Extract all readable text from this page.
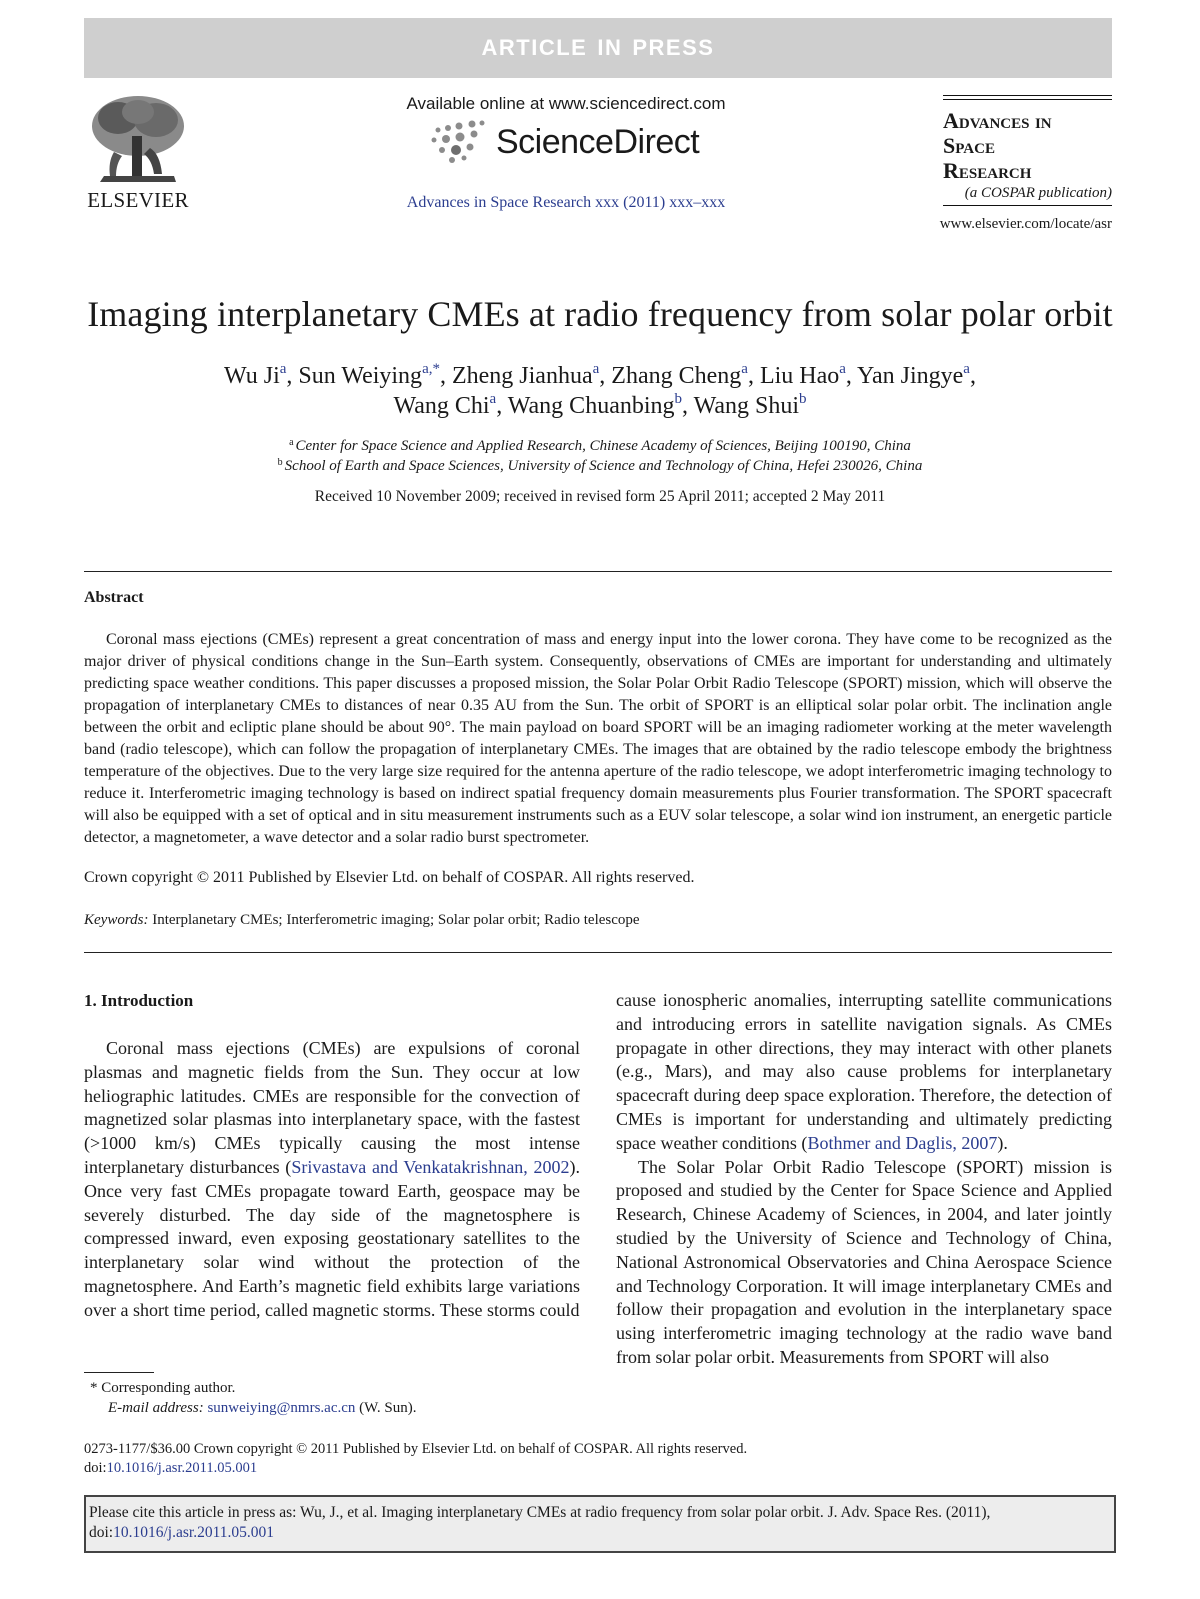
ARTICLE IN PRESS
ELSEVIER
Available online at www.sciencedirect.com
ScienceDirect
Advances in Space Research xxx (2011) xxx–xxx
Advances in
Space
Research
(a COSPAR publication)
www.elsevier.com/locate/asr
Imaging interplanetary CMEs at radio frequency from solar polar orbit
Wu Ji$^a$, Sun Weiying$^{a,*}$, Zheng Jianhua$^a$, Zhang Cheng$^a$, Liu Hao$^a$, Yan Jingye$^a$,
Wang Chi$^a$, Wang Chuanbing$^b$, Wang Shui$^b$
$^a$ Center for Space Science and Applied Research, Chinese Academy of Sciences, Beijing 100190, China
$^b$ School of Earth and Space Sciences, University of Science and Technology of China, Hefei 230026, China
Received 10 November 2009; received in revised form 25 April 2011; accepted 2 May 2011
Abstract

Coronal mass ejections (CMEs) represent a great concentration of mass and energy input into the lower corona. They have come to be recognized as the major driver of physical conditions change in the Sun–Earth system. Consequently, observations of CMEs are important for understanding and ultimately predicting space weather conditions. This paper discusses a proposed mission, the Solar Polar Orbit Radio Telescope (SPORT) mission, which will observe the propagation of interplanetary CMEs to distances of near 0.35 AU from the Sun. The orbit of SPORT is an elliptical solar polar orbit. The inclination angle between the orbit and ecliptic plane should be about 90°. The main payload on board SPORT will be an imaging radiometer working at the meter wavelength band (radio telescope), which can follow the propagation of interplanetary CMEs. The images that are obtained by the radio telescope embody the brightness temperature of the objectives. Due to the very large size required for the antenna aperture of the radio telescope, we adopt interferometric imaging technology to reduce it. Interferometric imaging technology is based on indirect spatial frequency domain measurements plus Fourier transformation. The SPORT spacecraft will also be equipped with a set of optical and in situ measurement instruments such as a EUV solar telescope, a solar wind ion instrument, an energetic particle detector, a magnetometer, a wave detector and a solar radio burst spectrometer.

Crown copyright © 2011 Published by Elsevier Ltd. on behalf of COSPAR. All rights reserved.
Keywords: Interplanetary CMEs; Interferometric imaging; Solar polar orbit; Radio telescope
1. Introduction

Coronal mass ejections (CMEs) are expulsions of coronal plasmas and magnetic fields from the Sun. They occur at low heliographic latitudes. CMEs are responsible for the convection of magnetized solar plasmas into interplanetary space, with the fastest (>1000 km/s) CMEs typically causing the most intense interplanetary disturbances (Srivastava and Venkatakrishnan, 2002). Once very fast CMEs propagate toward Earth, geospace may be severely disturbed. The day side of the magnetosphere is compressed inward, even exposing geostationary satellites to the interplanetary solar wind without the protection of the magnetosphere. And Earth’s magnetic field exhibits large variations over a short time period, called magnetic storms. These storms could

cause ionospheric anomalies, interrupting satellite communications and introducing errors in satellite navigation signals. As CMEs propagate in other directions, they may interact with other planets (e.g., Mars), and may also cause problems for interplanetary spacecraft during deep space exploration. Therefore, the detection of CMEs is important for understanding and ultimately predicting space weather conditions (Bothmer and Daglis, 2007).

The Solar Polar Orbit Radio Telescope (SPORT) mission is proposed and studied by the Center for Space Science and Applied Research, Chinese Academy of Sciences, in 2004, and later jointly studied by the University of Science and Technology of China, National Astronomical Observatories and China Aerospace Science and Technology Corporation. It will image interplanetary CMEs and follow their propagation and evolution in the interplanetary space using interferometric imaging technology at the radio wave band from solar polar orbit. Measurements from SPORT will also

* Corresponding author.
E-mail address: sunweiying@nmrs.ac.cn (W. Sun).
0273-1177/$36.00 Crown copyright © 2011 Published by Elsevier Ltd. on behalf of COSPAR. All rights reserved.
doi:10.1016/j.asr.2011.05.001
Please cite this article in press as: Wu, J., et al. Imaging interplanetary CMEs at radio frequency from solar polar orbit. J. Adv. Space Res. (2011),
doi:10.1016/j.asr.2011.05.001
